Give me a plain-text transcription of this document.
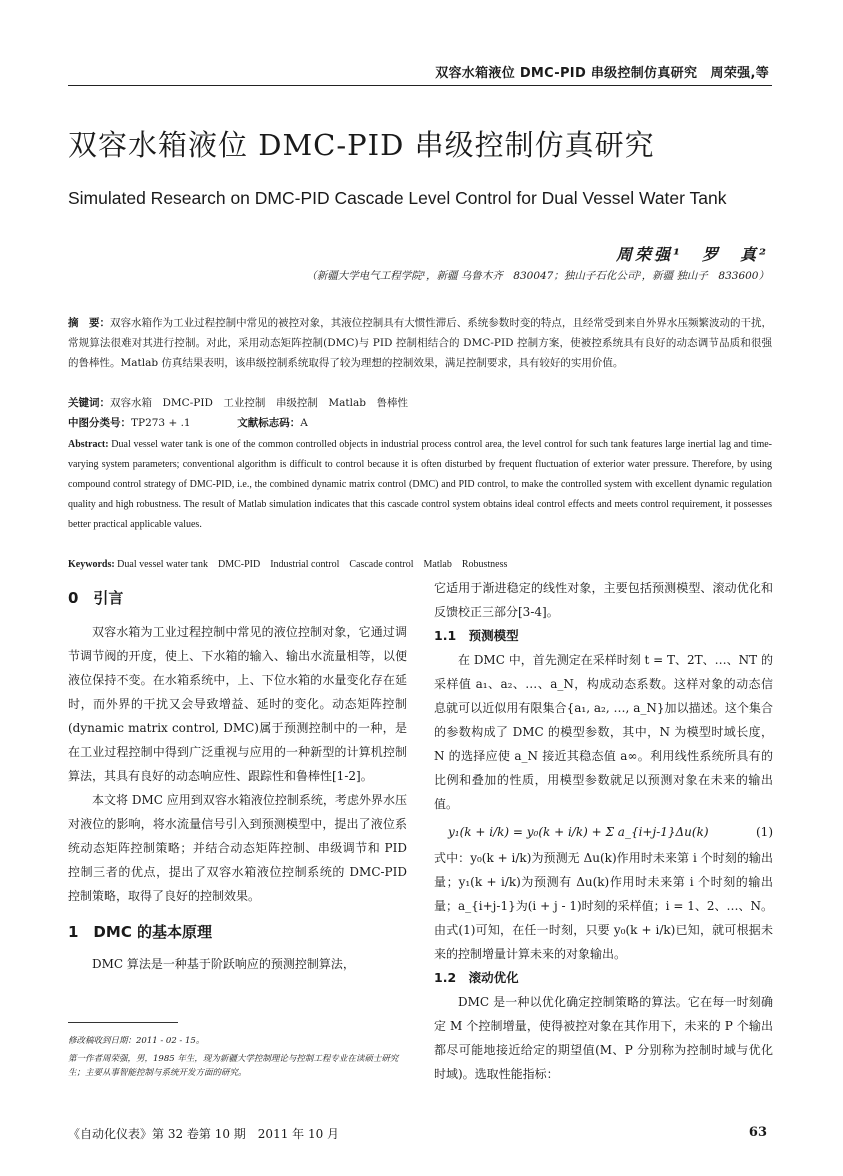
双容水箱液位 DMC-PID 串级控制仿真研究　周荣强,等
双容水箱液位 DMC-PID 串级控制仿真研究
Simulated Research on DMC-PID Cascade Level Control for Dual Vessel Water Tank
周荣强¹　罗　真²
（新疆大学电气工程学院¹，新疆 乌鲁木齐　830047；独山子石化公司²，新疆 独山子　833600）
摘　要：双容水箱作为工业过程控制中常见的被控对象，其液位控制具有大惯性滞后、系统参数时变的特点，且经常受到来自外界水压频繁波动的干扰，常规算法很难对其进行控制。对此，采用动态矩阵控制(DMC)与 PID 控制相结合的 DMC-PID 控制方案，使被控系统具有良好的动态调节品质和很强的鲁棒性。Matlab 仿真结果表明，该串级控制系统取得了较为理想的控制效果，满足控制要求，具有较好的实用价值。
关键词：双容水箱　DMC-PID　工业控制　串级控制　Matlab　鲁棒性
中图分类号：TP273 + .1	文献标志码：A
Abstract: Dual vessel water tank is one of the common controlled objects in industrial process control area, the level control for such tank features large inertial lag and time-varying system parameters; conventional algorithm is difficult to control because it is often disturbed by frequent fluctuation of exterior water pressure. Therefore, by using compound control strategy of DMC-PID, i.e., the combined dynamic matrix control (DMC) and PID control, to make the controlled system with excellent dynamic regulation quality and high robustness. The result of Matlab simulation indicates that this cascade control system obtains ideal control effects and meets control requirement, it possesses better practical applicable values.
Keywords: Dual vessel water tank　DMC-PID　Industrial control　Cascade control　Matlab　Robustness
0　引言

双容水箱为工业过程控制中常见的液位控制对象，它通过调节调节阀的开度，使上、下水箱的输入、输出水流量相等，以便液位保持不变。在水箱系统中，上、下位水箱的水量变化存在延时，而外界的干扰又会导致增益、延时的变化。动态矩阵控制(dynamic matrix control, DMC)属于预测控制中的一种，是在工业过程控制中得到广泛重视与应用的一种新型的计算机控制算法，其具有良好的动态响应性、跟踪性和鲁棒性[1-2]。

本文将 DMC 应用到双容水箱液位控制系统，考虑外界水压对液位的影响，将水流量信号引入到预测模型中，提出了液位系统动态矩阵控制策略；并结合动态矩阵控制、串级调节和 PID 控制三者的优点，提出了双容水箱液位控制系统的 DMC-PID 控制策略，取得了良好的控制效果。

1　DMC 的基本原理

DMC 算法是一种基于阶跃响应的预测控制算法，

它适用于渐进稳定的线性对象，主要包括预测模型、滚动优化和反馈校正三部分[3-4]。

1.1　预测模型

在 DMC 中，首先测定在采样时刻 t = T、2T、…、NT 的采样值 a₁、a₂、…、a_N，构成动态系数。这样对象的动态信息就可以近似用有限集合{a₁, a₂, …, a_N}加以描述。这个集合的参数构成了 DMC 的模型参数，其中，N 为模型时域长度，N 的选择应使 a_N 接近其稳态值 a∞。利用线性系统所具有的比例和叠加的性质，用模型参数就足以预测对象在未来的输出值。

y₁(k + i/k) = y₀(k + i/k) + Σ a_{i+j-1}Δu(k)	(1)

式中：y₀(k + i/k)为预测无 Δu(k)作用时未来第 i 个时刻的输出量；y₁(k + i/k)为预测有 Δu(k)作用时未来第 i 个时刻的输出量；a_{i+j-1}为(i + j - 1)时刻的采样值；i = 1、2、…、N。由式(1)可知，在任一时刻，只要 y₀(k + i/k)已知，就可根据未来的控制增量计算未来的对象输出。

1.2　滚动优化

DMC 是一种以优化确定控制策略的算法。它在每一时刻确定 M 个控制增量，使得被控对象在其作用下，未来的 P 个输出都尽可能地接近给定的期望值(M、P 分别称为控制时域与优化时域)。选取性能指标：

修改稿收到日期：2011 - 02 - 15。
第一作者周荣强，男，1985 年生，现为新疆大学控制理论与控制工程专业在读硕士研究生；主要从事智能控制与系统开发方面的研究。
《自动化仪表》第 32 卷第 10 期　2011 年 10 月	63
